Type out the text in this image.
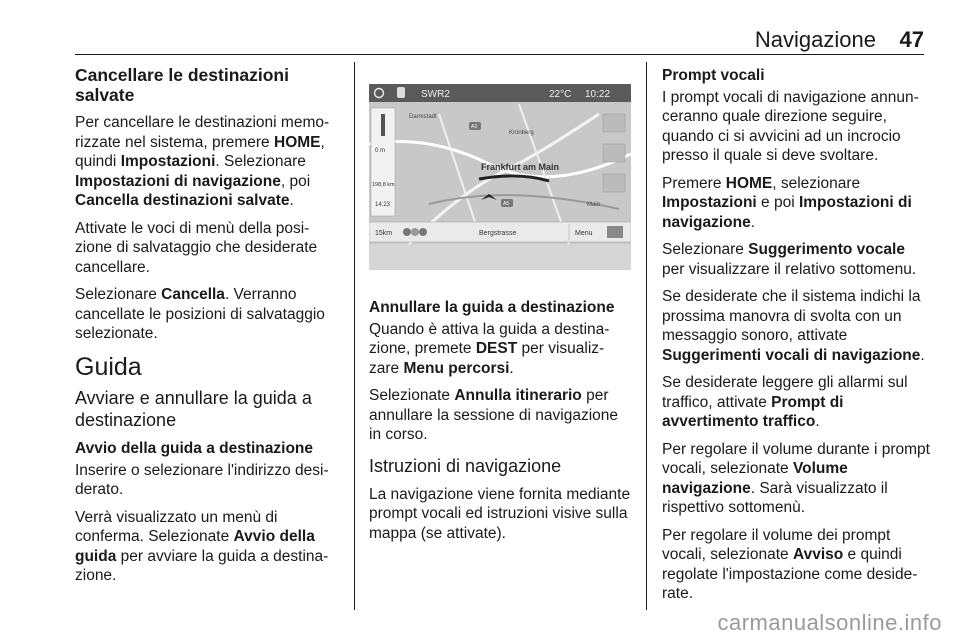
Navigazione 47
Cancellare le destinazioni salvate

Per cancellare le destinazioni memo-rizzate nel sistema, premere HOME, quindi Impostazioni. Selezionare Impostazioni di navigazione, poi Cancella destinazioni salvate.

Attivate le voci di menù della posi-zione di salvataggio che desiderate cancellare.

Selezionare Cancella. Verranno cancellate le posizioni di salvataggio selezionate.

Guida
Avviare e annullare la guida a destinazione
Avvio della guida a destinazione

Inserire o selezionare l'indirizzo desi-derato.

Verrà visualizzato un menù di conferma. Selezionate Avvio della guida per avviare la guida a destina-zione.

SWR2	22°C 10:22
Frankfurt am Main
Darmstadt
Kronberg
Main
A5
A3
0 m
198,8 km
14:23
15km	Bergstrasse	Menu
Annullare la guida a destinazione

Quando è attiva la guida a destina-zione, premete DEST per visualiz-zare Menu percorsi.

Selezionate Annulla itinerario per annullare la sessione di navigazione in corso.

Istruzioni di navigazione

La navigazione viene fornita mediante prompt vocali ed istruzioni visive sulla mappa (se attivate).

Prompt vocali

I prompt vocali di navigazione annun-ceranno quale direzione seguire, quando ci si avvicini ad un incrocio presso il quale si deve svoltare.

Premere HOME, selezionare Impostazioni e poi Impostazioni di navigazione.

Selezionare Suggerimento vocale per visualizzare il relativo sottomenu.

Se desiderate che il sistema indichi la prossima manovra di svolta con un messaggio sonoro, attivate Suggerimenti vocali di navigazione.

Se desiderate leggere gli allarmi sul traffico, attivate Prompt di avvertimento traffico.

Per regolare il volume durante i prompt vocali, selezionate Volume navigazione. Sarà visualizzato il rispettivo sottomenù.

Per regolare il volume dei prompt vocali, selezionate Avviso e quindi regolate l'impostazione come deside-rate.

carmanualsonline.info
